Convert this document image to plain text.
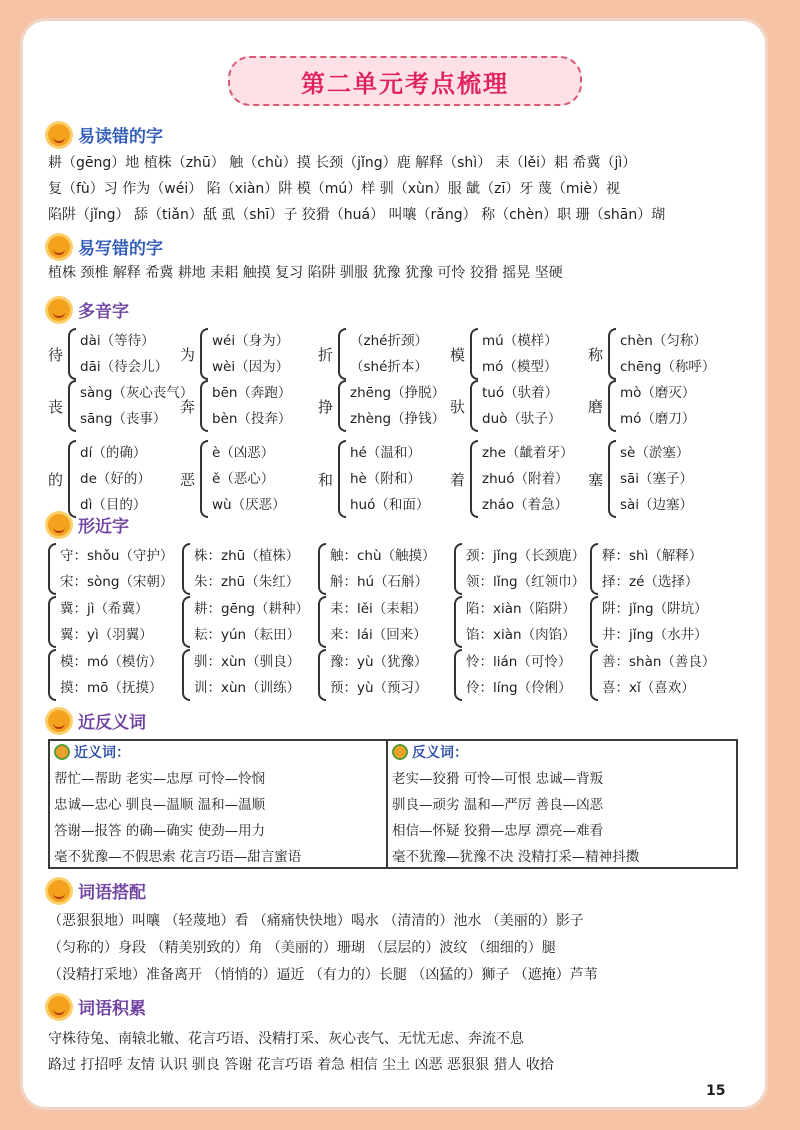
第二单元考点梳理
易读错的字
耕（gēng）地 植株（zhū） 触（chù）摸 长颈（jǐng）鹿 解释（shì） 耒（lěi）耜 希冀（jì）
复（fù）习 作为（wéi） 陷（xiàn）阱 模（mú）样 驯（xùn）服 龇（zī）牙 蔑（miè）视
陷阱（jǐng） 舔（tiǎn）舐 虱（shī）子 狡猾（huá） 叫嚷（rǎng） 称（chèn）职 珊（shān）瑚
易写错的字
植株 颈椎 解释 希冀 耕地 耒耜 触摸 复习 陷阱 驯服 犹豫 犹豫 可怜 狡猾 摇晃 坚硬
多音字
待
dài（等待）
dāi（待会儿）
为
wéi（身为）
wèi（因为）
折
（zhé折颈）
（shé折本）
模
mú（模样）
mó（模型）
称
chèn（匀称）
chēng（称呼）
丧
sàng（灰心丧气）
sāng（丧事）
奔
bēn（奔跑）
bèn（投奔）
挣
zhēng（挣脱）
zhèng（挣钱）
驮
tuó（驮着）
duò（驮子）
磨
mò（磨灭）
mó（磨刀）
的
dí（的确）
de（好的）
dì（目的）
恶
è（凶恶）
ě（恶心）
wù（厌恶）
和
hé（温和）
hè（附和）
huó（和面）
着
zhe（龇着牙）
zhuó（附着）
zháo（着急）
塞
sè（淤塞）
sāi（塞子）
sài（边塞）
形近字
守：shǒu（守护）
宋：sòng（宋朝）
株：zhū（植株）
朱：zhū（朱红）
触：chù（触摸）
斛：hú（石斛）
颈：jǐng（长颈鹿）
领：lǐng（红领巾）
释：shì（解释）
择：zé（选择）
冀：jì（希冀）
翼：yì（羽翼）
耕：gēng（耕种）
耘：yún（耘田）
耒：lěi（耒耜）
来：lái（回来）
陷：xiàn（陷阱）
馅：xiàn（肉馅）
阱：jǐng（阱坑）
井：jǐng（水井）
模：mó（模仿）
摸：mō（抚摸）
驯：xùn（驯良）
训：xùn（训练）
豫：yù（犹豫）
预：yù（预习）
怜：lián（可怜）
伶：líng（伶俐）
善：shàn（善良）
喜：xǐ（喜欢）
近反义词
近义词：
帮忙—帮助 老实—忠厚 可怜—怜悯
忠诚—忠心 驯良—温顺 温和—温顺
答谢—报答 的确—确实 使劲—用力
毫不犹豫—不假思索 花言巧语—甜言蜜语
反义词：
老实—狡猾 可怜—可恨 忠诚—背叛
驯良—顽劣 温和—严厉 善良—凶恶
相信—怀疑 狡猾—忠厚 漂亮—难看
毫不犹豫—犹豫不决 没精打采—精神抖擞
词语搭配
（恶狠狠地）叫嚷 （轻蔑地）看 （痛痛快快地）喝水 （清清的）池水 （美丽的）影子
（匀称的）身段 （精美别致的）角 （美丽的）珊瑚 （层层的）波纹 （细细的）腿
（没精打采地）准备离开 （悄悄的）逼近 （有力的）长腿 （凶猛的）狮子 （遮掩）芦苇
词语积累
守株待兔、南辕北辙、花言巧语、没精打采、灰心丧气、无忧无虑、奔流不息
路过 打招呼 友情 认识 驯良 答谢 花言巧语 着急 相信 尘土 凶恶 恶狠狠 猎人 收拾
15
